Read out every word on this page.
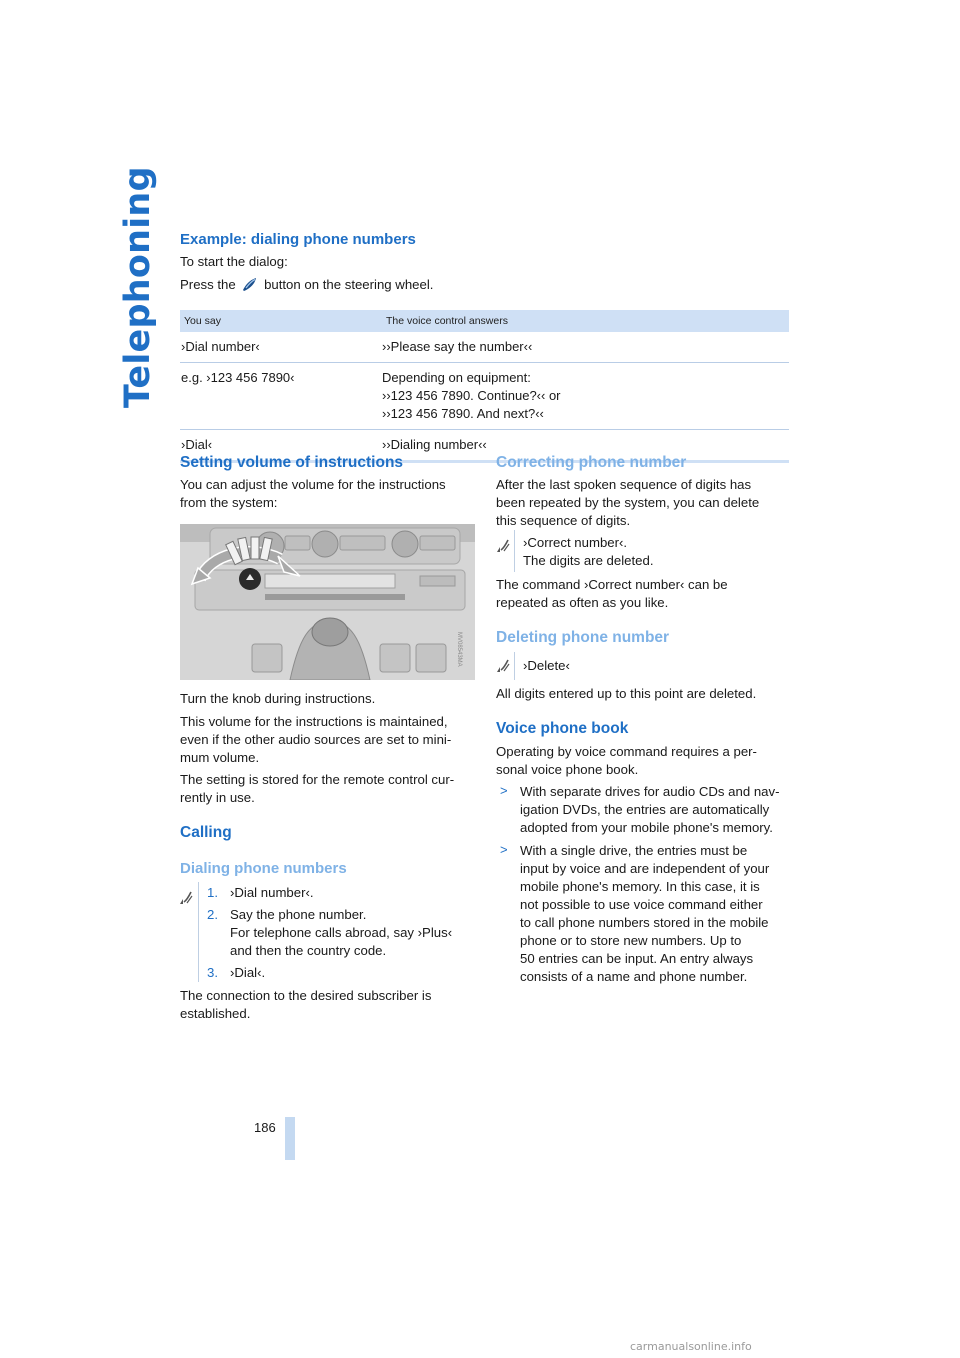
Telephoning Example: dialing phone numbers
To start the dialog:
Press the button on the steering wheel.
You say	The voice control answers
›Dial number‹	››Please say the number‹‹

e.g. ›123 456 7890‹	Depending on equipment:
››123 456 7890. Continue?‹‹ or
››123 456 7890. And next?‹‹

›Dial‹	››Dialing number‹‹
Setting volume of instructions
You can adjust the volume for the instructions
from the system:
MV08543MA
Turn the knob during instructions.
This volume for the instructions is maintained,
even if the other audio sources are set to mini-
mum volume.
The setting is stored for the remote control cur-
rently in use.
Calling
Dialing phone numbers
1. ›Dial number‹.
2. Say the phone number.
For telephone calls abroad, say ›Plus‹
and then the country code.
3. ›Dial‹.
The connection to the desired subscriber is
established.
Correcting phone number
After the last spoken sequence of digits has
been repeated by the system, you can delete
this sequence of digits.
›Correct number‹.
The digits are deleted.
The command ›Correct number‹ can be
repeated as often as you like.
Deleting phone number
›Delete‹
All digits entered up to this point are deleted.
Voice phone book
Operating by voice command requires a per-
sonal voice phone book.
> With separate drives for audio CDs and nav-
igation DVDs, the entries are automatically
adopted from your mobile phone's memory.
> With a single drive, the entries must be
input by voice and are independent of your
mobile phone's memory. In this case, it is
not possible to use voice command either
to call phone numbers stored in the mobile
phone or to store new numbers. Up to
50 entries can be input. An entry always
consists of a name and phone number.
186
carmanualsonline.info
